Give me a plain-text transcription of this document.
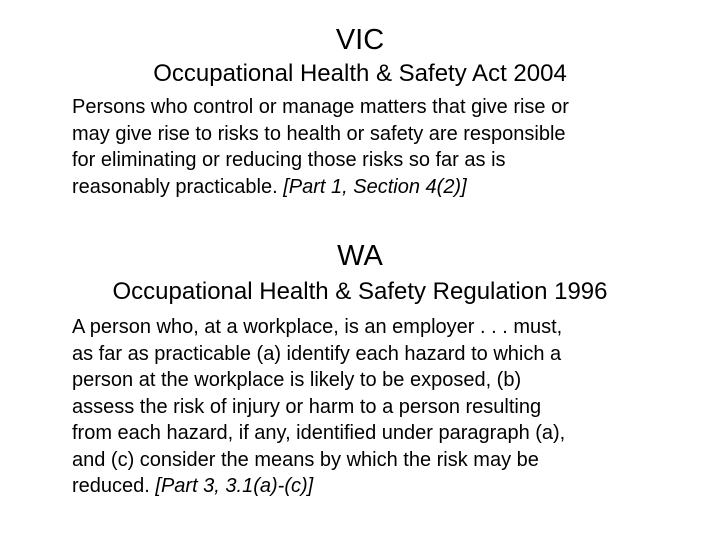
VIC
Occupational Health & Safety Act 2004
Persons who control or manage matters that give rise or
may give rise to risks to health or safety are responsible
for eliminating or reducing those risks so far as is
reasonably practicable. [Part 1, Section 4(2)]
WA
Occupational Health & Safety Regulation 1996
A person who, at a workplace, is an employer . . . must,
as far as practicable (a) identify each hazard to which a
person at the workplace is likely to be exposed, (b)
assess the risk of injury or harm to a person resulting
from each hazard, if any, identified under paragraph (a),
and (c) consider the means by which the risk may be
reduced. [Part 3, 3.1(a)-(c)]
